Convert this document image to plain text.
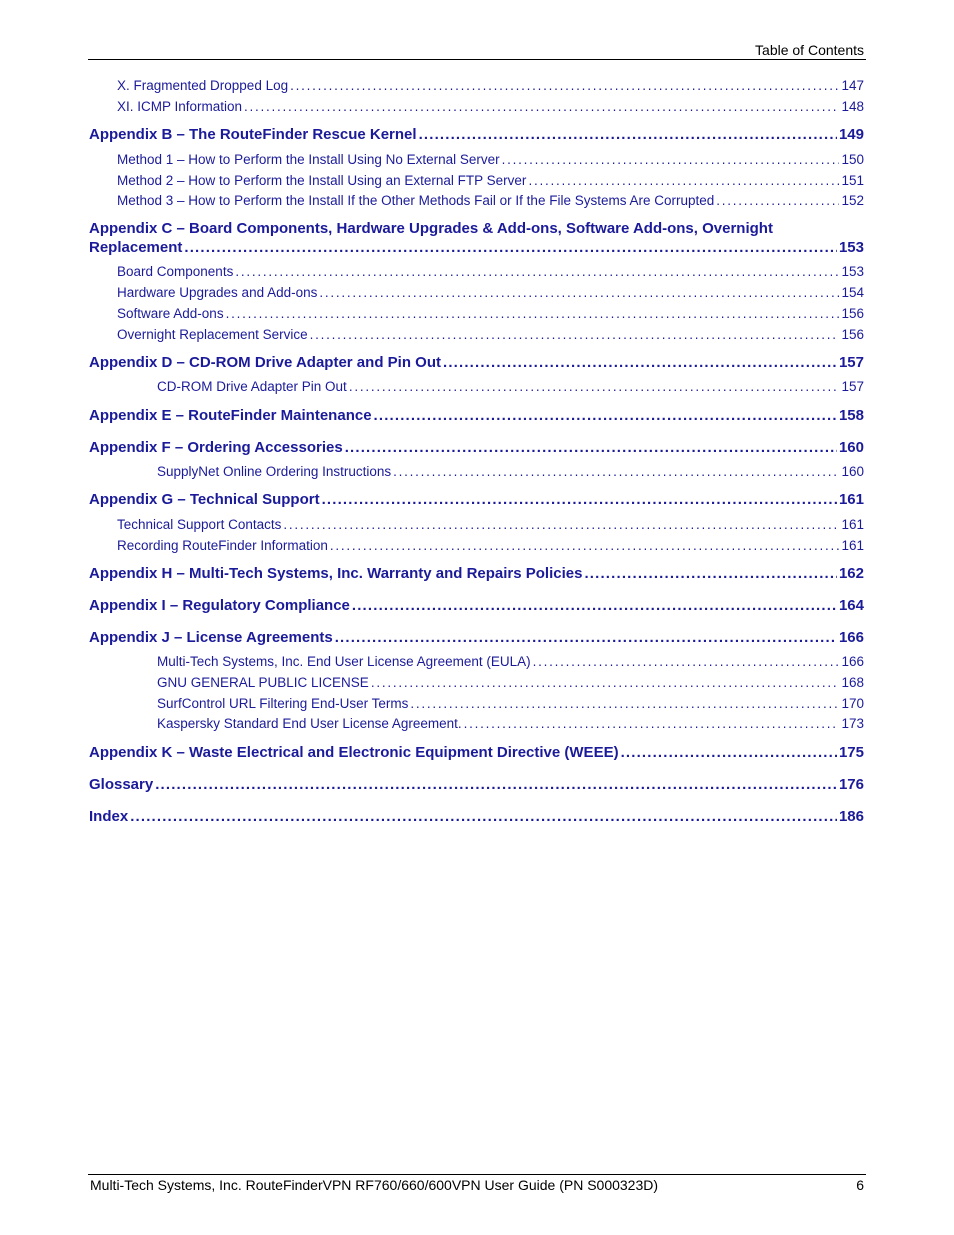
Table of Contents
X. Fragmented Dropped Log . . .	147
XI. ICMP Information . . .	148
Appendix B – The RouteFinder Rescue Kernel . . .	149
Method 1 – How to Perform the Install Using No External Server . . .	150
Method 2 – How to Perform the Install Using an External FTP Server . . .	151
Method 3 – How to Perform the Install If the Other Methods Fail or If the File Systems Are Corrupted . . .	152
Appendix C – Board Components, Hardware Upgrades & Add-ons, Software Add-ons, Overnight
Replacement . . .	153
Board Components . . .	153
Hardware Upgrades and Add-ons . . .	154
Software Add-ons . . .	156
Overnight Replacement Service . . .	156
Appendix D – CD-ROM Drive Adapter and Pin Out . . .	157
CD-ROM Drive Adapter Pin Out . . .	157
Appendix E – RouteFinder Maintenance . . .	158
Appendix F – Ordering Accessories . . .	160
SupplyNet Online Ordering Instructions . . .	160
Appendix G – Technical Support . . .	161
Technical Support Contacts . . .	161
Recording RouteFinder Information . . .	161
Appendix H – Multi-Tech Systems, Inc. Warranty and Repairs Policies . . .	162
Appendix I – Regulatory Compliance . . .	164
Appendix J – License Agreements . . .	166
Multi-Tech Systems, Inc. End User License Agreement (EULA) . . .	166
GNU GENERAL PUBLIC LICENSE . . .	168
SurfControl URL Filtering End-User Terms . . .	170
Kaspersky Standard End User License Agreement. . . .	173
Appendix K – Waste Electrical and Electronic Equipment Directive (WEEE) . . .	175
Glossary . . .	176
Index . . .	186
Multi-Tech Systems, Inc. RouteFinderVPN RF760/660/600VPN User Guide (PN S000323D)	6
